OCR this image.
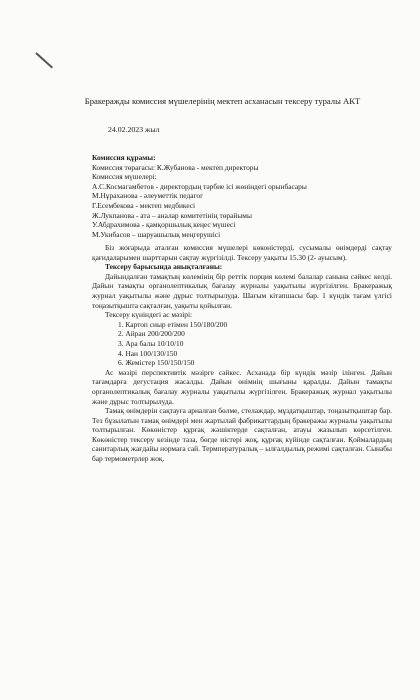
Бракеражды комиссия мүшелерінің мектеп асханасын тексеру туралы АКТ
24.02.2023 жыл

Комиссия құрамы:

Комиссия төрағасы: К.Жубанова - мектеп директоры

Комиссия мүшелері:

А.С.Космагамбетов - директордың тәрбие ісі жөніндегі орынбасары

М.Нұраханова - әлеуметтік педагог

Г.Есембекова - мектеп медбикесі

Ж.Лукпанова - ата – аналар комитетінің төрайымы

У.Абдрахимова - қамқоршылық кеңес мүшесі

М.Укибасов – шаруашылық меңгерушісі

Біз жоғарыда аталған комиссия мүшелері көконістерді, сусымалы өнімдерді сақтау қағидаларымен шарттарын сақтау жүргізілді. Тексеру уақыты 15.30 (2- ауысым).

Тексеру барысында анықталғаны:

Дайындалған тамақтың көлемінің бір реттік порция көлемі балалар санына сәйкес келді. Дайын тамақты органолептикалық бағалау журналы уақытылы жүргізілген. Бракеражық журнал уақытылы және дұрыс толтырылуда. Шағым кітапшасы бар. 1 күндік тағам үлгісі тоңазытқышта сақталған, уақыты қойылған.

Тексеру күніндегі ас мәзірі:

1. Картоп сиыр етімен 150/180/200

2. Айран 200/200/200

3. Ара балы 10/10/10

4. Нан 100/130/150

6. Жемістер 150/150/150

Ас мәзірі перспективтік мәзірге сәйкес. Асханада бір күндік мәзір ілінген. Дайын тағамдарға дегустация жасалды. Дайын өнімнің шығыны қаралды. Дайын тамақты органолептикалық бағалау журналы уақытылы жүргізілген. Бракеражық журнал уақытылы және дұрыс толтырылуда.

Тамақ өнімдерін сақтауға арналған бөлме, стелаждар, мұздатқыштар, тоңазытқыштар бар. Тез бұзылатын тамақ өнімдері мен жартылай фабрикаттардың бракеражы журналы уақытылы толтырылған. Көкөністер құрғақ жәшіктерде сақталған, атауы жазылып көрсетілген. Көкөністер тексеру кезінде таза, бөгде иістері жоқ, құрғақ күйінде сақталған. Қоймалардың санитарлық жағдайы нормаға сай. Термпературалық – ылғалдылық режимі сақталған. Сынабы бар термометрлер жоқ.
